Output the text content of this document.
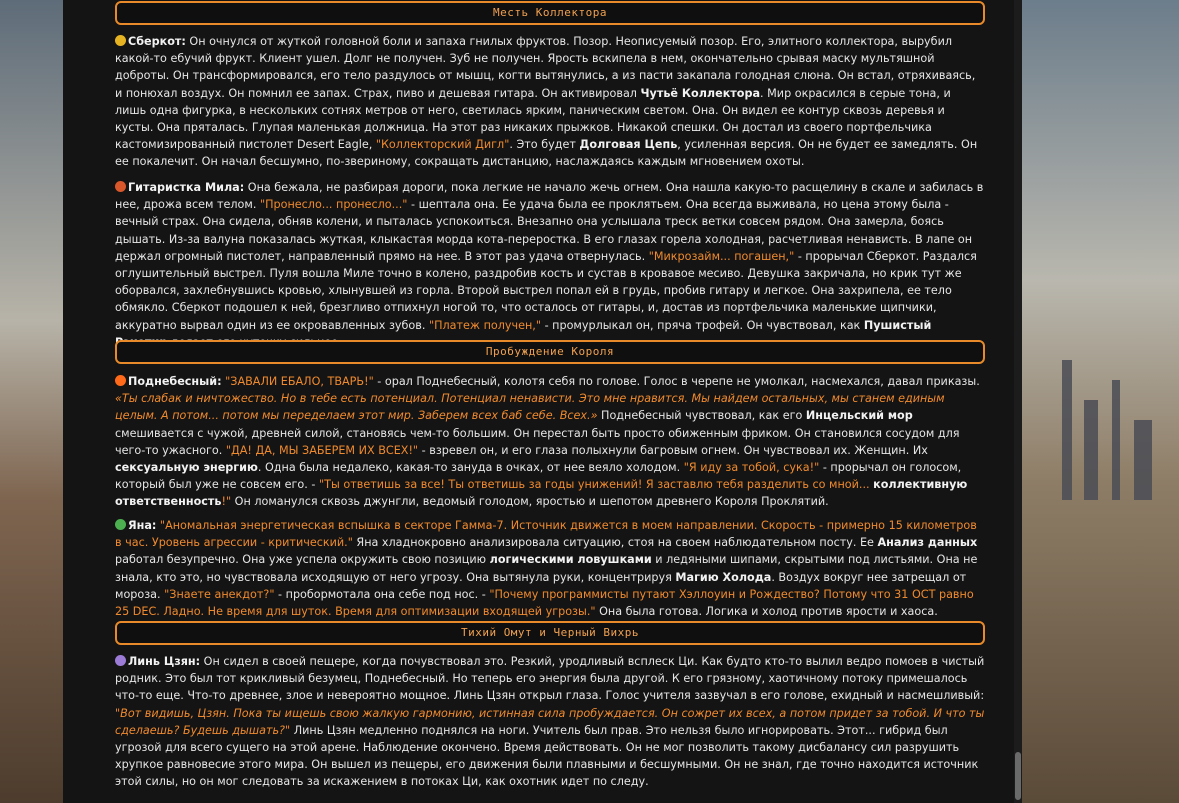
Месть Коллектора

Сберкот: Он очнулся от жуткой головной боли и запаха гнилых фруктов. Позор. Неописуемый позор. Его, элитного коллектора, вырубил какой-то ебучий фрукт. Клиент ушел. Долг не получен. Зуб не получен. Ярость вскипела в нем, окончательно срывая маску мультяшной доброты. Он трансформировался, его тело раздулось от мышц, когти вытянулись, а из пасти закапала голодная слюна. Он встал, отряхиваясь, и понюхал воздух. Он помнил ее запах. Страх, пиво и дешевая гитара. Он активировал Чутьё Коллектора. Мир окрасился в серые тона, и лишь одна фигурка, в нескольких сотнях метров от него, светилась ярким, паническим светом. Она. Он видел ее контур сквозь деревья и кусты. Она пряталась. Глупая маленькая должница. На этот раз никаких прыжков. Никакой спешки. Он достал из своего портфельчика кастомизированный пистолет Desert Eagle, "Коллекторский Дигл". Это будет Долговая Цепь, усиленная версия. Он не будет ее замедлять. Он ее покалечит. Он начал бесшумно, по-звериному, сокращать дистанцию, наслаждаясь каждым мгновением охоты.

Гитаристка Мила: Она бежала, не разбирая дороги, пока легкие не начало жечь огнем. Она нашла какую-то расщелину в скале и забилась в нее, дрожа всем телом. "Пронесло... пронесло..." - шептала она. Ее удача была ее проклятьем. Она всегда выживала, но цена этому была - вечный страх. Она сидела, обняв колени, и пыталась успокоиться. Внезапно она услышала треск ветки совсем рядом. Она замерла, боясь дышать. Из-за валуна показалась жуткая, клыкастая морда кота-переростка. В его глазах горела холодная, расчетливая ненависть. В лапе он держал огромный пистолет, направленный прямо на нее. В этот раз удача отвернулась. "Микрозайм... погашен," - прорычал Сберкот. Раздался оглушительный выстрел. Пуля вошла Миле точно в колено, раздробив кость и сустав в кровавое месиво. Девушка закричала, но крик тут же оборвался, захлебнувшись кровью, хлынувшей из горла. Второй выстрел попал ей в грудь, пробив гитару и легкое. Она захрипела, ее тело обмякло. Сберкот подошел к ней, брезгливо отпихнул ногой то, что осталось от гитары, и, достав из портфельчика маленькие щипчики, аккуратно вырвал один из ее окровавленных зубов. "Платеж получен," - промурлыкал он, пряча трофей. Он чувствовал, как Пушистый

Пробуждение Короля

Поднебесный: "ЗАВАЛИ ЕБАЛО, ТВАРЬ!" - орал Поднебесный, колотя себя по голове. Голос в черепе не умолкал, насмехался, давал приказы. «Ты слабак и ничтожество. Но в тебе есть потенциал. Потенциал ненависти. Это мне нравится. Мы найдем остальных, мы станем единым целым. А потом... потом мы переделаем этот мир. Заберем всех баб себе. Всех.» Поднебесный чувствовал, как его Инцельский мор смешивается с чужой, древней силой, становясь чем-то большим. Он перестал быть просто обиженным фриком. Он становился сосудом для чего-то ужасного. "ДА! ДА, МЫ ЗАБЕРЕМ ИХ ВСЕХ!" - взревел он, и его глаза полыхнули багровым огнем. Он чувствовал их. Женщин. Их сексуальную энергию. Одна была недалеко, какая-то зануда в очках, от нее веяло холодом. "Я иду за тобой, сука!" - прорычал он голосом, который был уже не совсем его. - "Ты ответишь за все! Ты ответишь за годы унижений! Я заставлю тебя разделить со мной... коллективную ответственность!" Он ломанулся сквозь джунгли, ведомый голодом, яростью и шепотом древнего Короля Проклятий.

Яна: "Аномальная энергетическая вспышка в секторе Гамма-7. Источник движется в моем направлении. Скорость - примерно 15 километров в час. Уровень агрессии - критический." Яна хладнокровно анализировала ситуацию, стоя на своем наблюдательном посту. Ее Анализ данных работал безупречно. Она уже успела окружить свою позицию логическими ловушками и ледяными шипами, скрытыми под листьями. Она не знала, кто это, но чувствовала исходящую от него угрозу. Она вытянула руки, концентрируя Магию Холода. Воздух вокруг нее затрещал от мороза. "Знаете анекдот?" - пробормотала она себе под нос. - "Почему программисты путают Хэллоуин и Рождество? Потому что 31 OCT равно 25 DEC. Ладно. Не время для шуток. Время для оптимизации входящей угрозы." Она была готова. Логика и холод против ярости и хаоса.

Тихий Омут и Черный Вихрь

Линь Цзян: Он сидел в своей пещере, когда почувствовал это. Резкий, уродливый всплеск Ци. Как будто кто-то вылил ведро помоев в чистый родник. Это был тот крикливый безумец, Поднебесный. Но теперь его энергия была другой. К его грязному, хаотичному потоку примешалось что-то еще. Что-то древнее, злое и невероятно мощное. Линь Цзян открыл глаза. Голос учителя зазвучал в его голове, ехидный и насмешливый: "Вот видишь, Цзян. Пока ты ищешь свою жалкую гармонию, истинная сила пробуждается. Он сожрет их всех, а потом придет за тобой. И что ты сделаешь? Будешь дышать?" Линь Цзян медленно поднялся на ноги. Учитель был прав. Это нельзя было игнорировать. Этот... гибрид был угрозой для всего сущего на этой арене. Наблюдение окончено. Время действовать. Он не мог позволить такому дисбалансу сил разрушить хрупкое равновесие этого мира. Он вышел из пещеры, его движения были плавными и бесшумными. Он не знал, где точно находится источник этой силы, но он мог следовать за искажением в потоках Ци, как охотник идет по следу.
